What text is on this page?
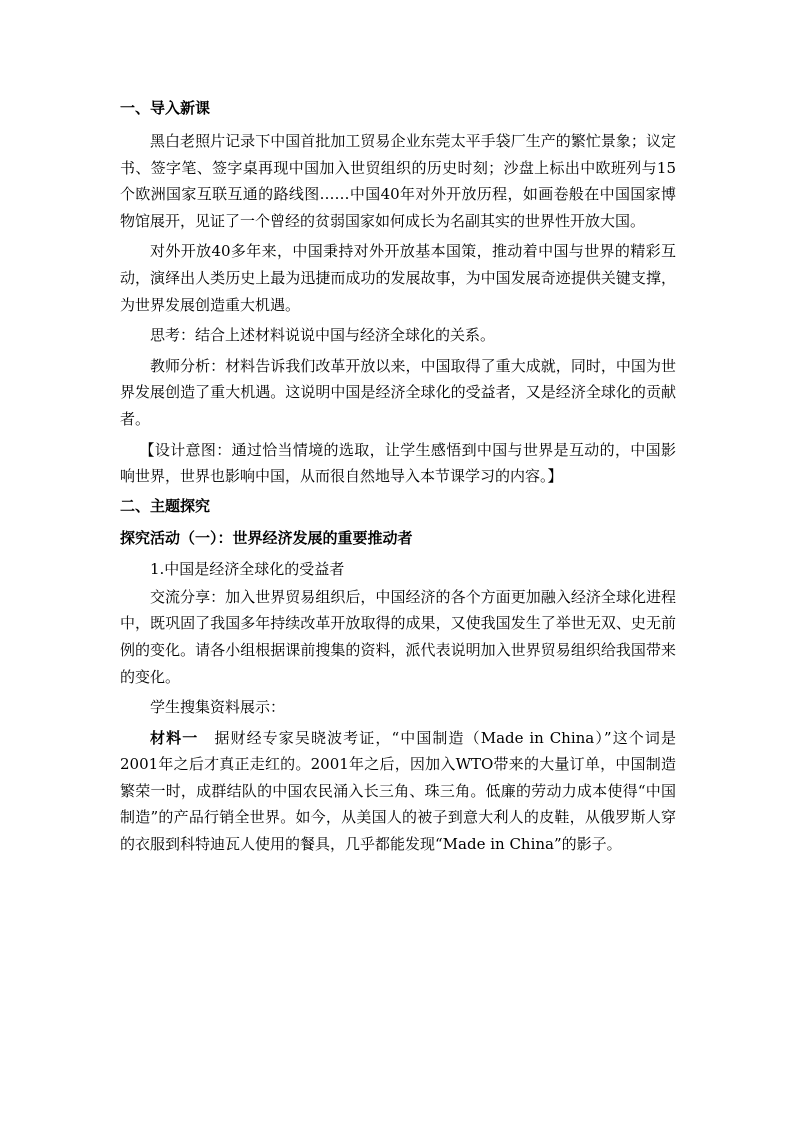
一、导入新课

黑白老照片记录下中国首批加工贸易企业东莞太平手袋厂生产的繁忙景象；议定书、签字笔、签字桌再现中国加入世贸组织的历史时刻；沙盘上标出中欧班列与15个欧洲国家互联互通的路线图……中国40年对外开放历程，如画卷般在中国国家博物馆展开，见证了一个曾经的贫弱国家如何成长为名副其实的世界性开放大国。

对外开放40多年来，中国秉持对外开放基本国策，推动着中国与世界的精彩互动，演绎出人类历史上最为迅捷而成功的发展故事，为中国发展奇迹提供关键支撑，为世界发展创造重大机遇。

思考：结合上述材料说说中国与经济全球化的关系。

教师分析：材料告诉我们改革开放以来，中国取得了重大成就，同时，中国为世界发展创造了重大机遇。这说明中国是经济全球化的受益者，又是经济全球化的贡献者。

【设计意图：通过恰当情境的选取，让学生感悟到中国与世界是互动的，中国影响世界，世界也影响中国，从而很自然地导入本节课学习的内容。】

二、主题探究
探究活动（一）：世界经济发展的重要推动者
1.中国是经济全球化的受益者

交流分享：加入世界贸易组织后，中国经济的各个方面更加融入经济全球化进程中，既巩固了我国多年持续改革开放取得的成果，又使我国发生了举世无双、史无前例的变化。请各小组根据课前搜集的资料，派代表说明加入世界贸易组织给我国带来的变化。

学生搜集资料展示：

材料一　据财经专家吴晓波考证，“中国制造（Made in China）”这个词是2001年之后才真正走红的。2001年之后，因加入WTO带来的大量订单，中国制造繁荣一时，成群结队的中国农民涌入长三角、珠三角。低廉的劳动力成本使得“中国制造”的产品行销全世界。如今，从美国人的被子到意大利人的皮鞋，从俄罗斯人穿的衣服到科特迪瓦人使用的餐具，几乎都能发现“Made in China”的影子。
